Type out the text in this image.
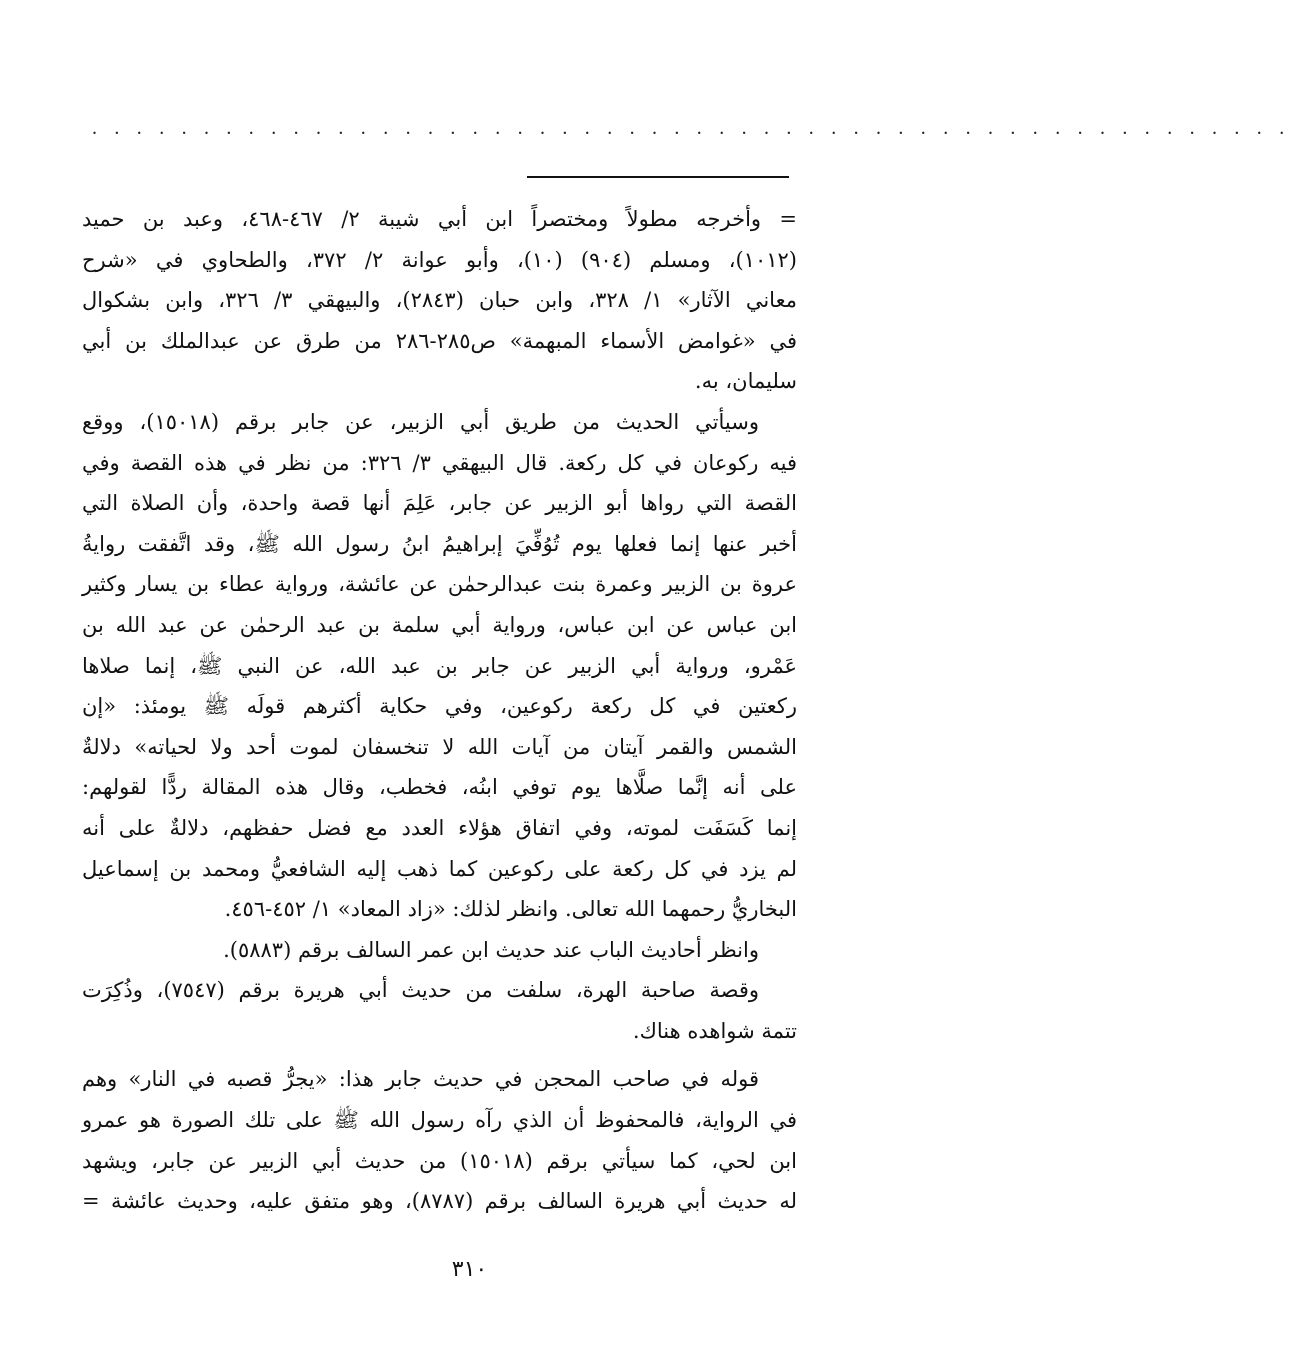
. . . . . . . . . . . . . . . . . . . . . . . . . . . . . . . . . . . . . . . . . . . . . . . . . . . . . .
= وأخرجه مطولاً ومختصراً ابن أبي شيبة ٢/ ٤٦٧-٤٦٨، وعبد بن حميد
(١٠١٢)، ومسلم (٩٠٤) (١٠)، وأبو عوانة ٢/ ٣٧٢، والطحاوي في «شرح
معاني الآثار» ١/ ٣٢٨، وابن حبان (٢٨٤٣)، والبيهقي ٣/ ٣٢٦، وابن بشكوال
في «غوامض الأسماء المبهمة» ص٢٨٥-٢٨٦ من طرق عن عبدالملك بن أبي
سليمان، به.
وسيأتي الحديث من طريق أبي الزبير، عن جابر برقم (١٥٠١٨)، ووقع
فيه ركوعان في كل ركعة. قال البيهقي ٣/ ٣٢٦: من نظر في هذه القصة وفي
القصة التي رواها أبو الزبير عن جابر، عَلِمَ أنها قصة واحدة، وأن الصلاة التي
أخبر عنها إنما فعلها يوم تُوُفِّيَ إبراهيمُ ابنُ رسول الله ﷺ، وقد اتَّفقت روايةُ
عروة بن الزبير وعمرة بنت عبدالرحمٰن عن عائشة، ورواية عطاء بن يسار وكثير
ابن عباس عن ابن عباس، ورواية أبي سلمة بن عبد الرحمٰن عن عبد الله بن
عَمْرو، ورواية أبي الزبير عن جابر بن عبد الله، عن النبي ﷺ، إنما صلاها
ركعتين في كل ركعة ركوعين، وفي حكاية أكثرهم قولَه ﷺ يومئذ: «إن
الشمس والقمر آيتان من آيات الله لا تنخسفان لموت أحد ولا لحياته» دلالةٌ
على أنه إنَّما صلَّاها يوم توفي ابنُه، فخطب، وقال هذه المقالة ردًّا لقولهم:
إنما كَسَفَت لموته، وفي اتفاق هؤلاء العدد مع فضل حفظهم، دلالةٌ على أنه
لم يزد في كل ركعة على ركوعين كما ذهب إليه الشافعيُّ ومحمد بن إسماعيل
البخاريُّ رحمهما الله تعالى. وانظر لذلك: «زاد المعاد» ١/ ٤٥٢-٤٥٦.
وانظر أحاديث الباب عند حديث ابن عمر السالف برقم (٥٨٨٣).
وقصة صاحبة الهرة، سلفت من حديث أبي هريرة برقم (٧٥٤٧)، وذُكِرَت
تتمة شواهده هناك.
قوله في صاحب المحجن في حديث جابر هذا: «يجرُّ قصبه في النار» وهم
في الرواية، فالمحفوظ أن الذي رآه رسول الله ﷺ على تلك الصورة هو عمرو
ابن لحي، كما سيأتي برقم (١٥٠١٨) من حديث أبي الزبير عن جابر، ويشهد
له حديث أبي هريرة السالف برقم (٨٧٨٧)، وهو متفق عليه، وحديث عائشة =
٣١٠
